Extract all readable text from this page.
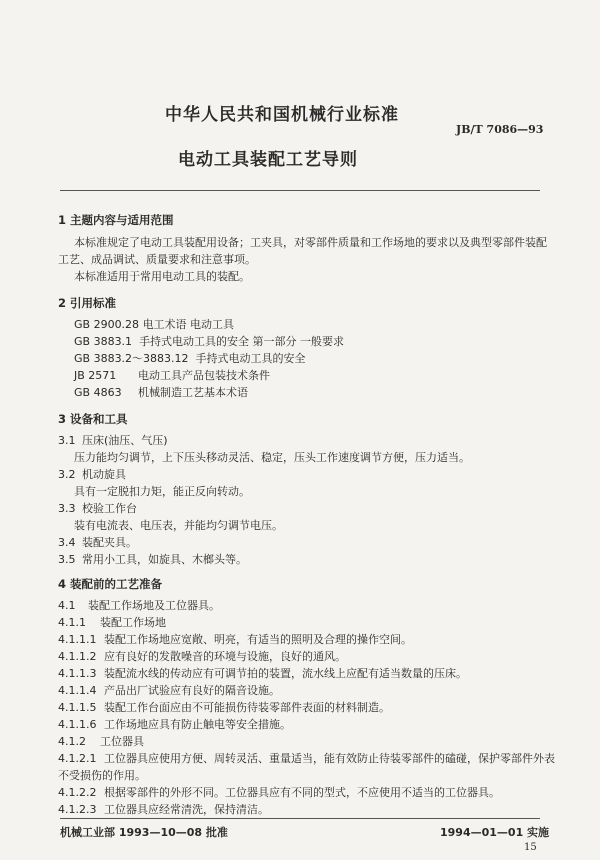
中华人民共和国机械行业标准
JB/T 7086—93
电动工具装配工艺导则
1 主题内容与适用范围
本标准规定了电动工具装配用设备；工夹具，对零部件质量和工作场地的要求以及典型零部件装配
工艺、成品调试、质量要求和注意事项。
本标准适用于常用电动工具的装配。
2 引用标准
GB 2900.28 电工术语 电动工具
GB 3883.1 手持式电动工具的安全 第一部分 一般要求
GB 3883.2～3883.12 手持式电动工具的安全
JB 2571 电动工具产品包装技术条件
GB 4863 机械制造工艺基本术语
3 设备和工具
3.1 压床(油压、气压)
压力能均匀调节，上下压头移动灵活、稳定，压头工作速度调节方便，压力适当。
3.2 机动旋具
具有一定脱扣力矩，能正反向转动。
3.3 校验工作台
装有电流表、电压表，并能均匀调节电压。
3.4 装配夹具。
3.5 常用小工具，如旋具、木榔头等。
4 装配前的工艺准备
4.1 装配工作场地及工位器具。
4.1.1 装配工作场地
4.1.1.1 装配工作场地应宽敞、明亮，有适当的照明及合理的操作空间。
4.1.1.2 应有良好的发散噪音的环境与设施，良好的通风。
4.1.1.3 装配流水线的传动应有可调节拍的装置，流水线上应配有适当数量的压床。
4.1.1.4 产品出厂试验应有良好的隔音设施。
4.1.1.5 装配工作台面应由不可能损伤待装零部件表面的材料制造。
4.1.1.6 工作场地应具有防止触电等安全措施。
4.1.2 工位器具
4.1.2.1 工位器具应使用方便、周转灵活、重量适当，能有效防止待装零部件的磕碰，保护零部件外表
不受损伤的作用。
4.1.2.2 根据零部件的外形不同。工位器具应有不同的型式，不应使用不适当的工位器具。
4.1.2.3 工位器具应经常清洗，保持清洁。
机械工业部 1993—10—08 批准	1994—01—01 实施
15
